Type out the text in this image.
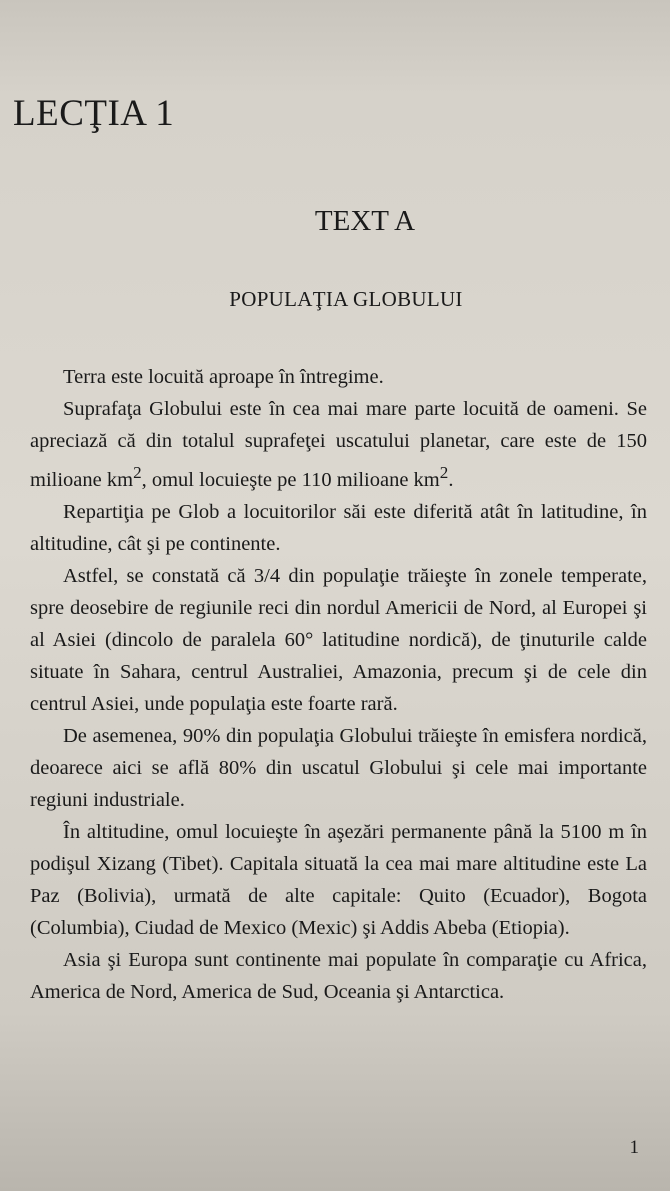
LECŢIA 1
TEXT A
POPULAŢIA GLOBULUI

Terra este locuită aproape în întregime.

Suprafaţa Globului este în cea mai mare parte locuită de oameni. Se apreciază că din totalul suprafeţei uscatului planetar, care este de 150 milioane $km^2$, omul locuieşte pe 110 milioane $km^2$.

Repartiţia pe Glob a locuitorilor săi este diferită atât în latitudine, în altitudine, cât şi pe continente.

Astfel, se constată că 3/4 din populaţie trăieşte în zonele temperate, spre deosebire de regiunile reci din nordul Americii de Nord, al Europei şi al Asiei (dincolo de paralela 60° latitudine nordică), de ţinuturile calde situate în Sahara, centrul Australiei, Amazonia, precum şi de cele din centrul Asiei, unde populaţia este foarte rară.

De asemenea, 90% din populaţia Globului trăieşte în emisfera nordică, deoarece aici se află 80% din uscatul Globului şi cele mai importante regiuni industriale.

În altitudine, omul locuieşte în aşezări permanente până la 5100 m în podişul Xizang (Tibet). Capitala situată la cea mai mare altitudine este La Paz (Bolivia), urmată de alte capitale: Quito (Ecuador), Bogota (Columbia), Ciudad de Mexico (Mexic) şi Addis Abeba (Etiopia).

Asia şi Europa sunt continente mai populate în comparaţie cu Africa, America de Nord, America de Sud, Oceania şi Antarctica.

1
